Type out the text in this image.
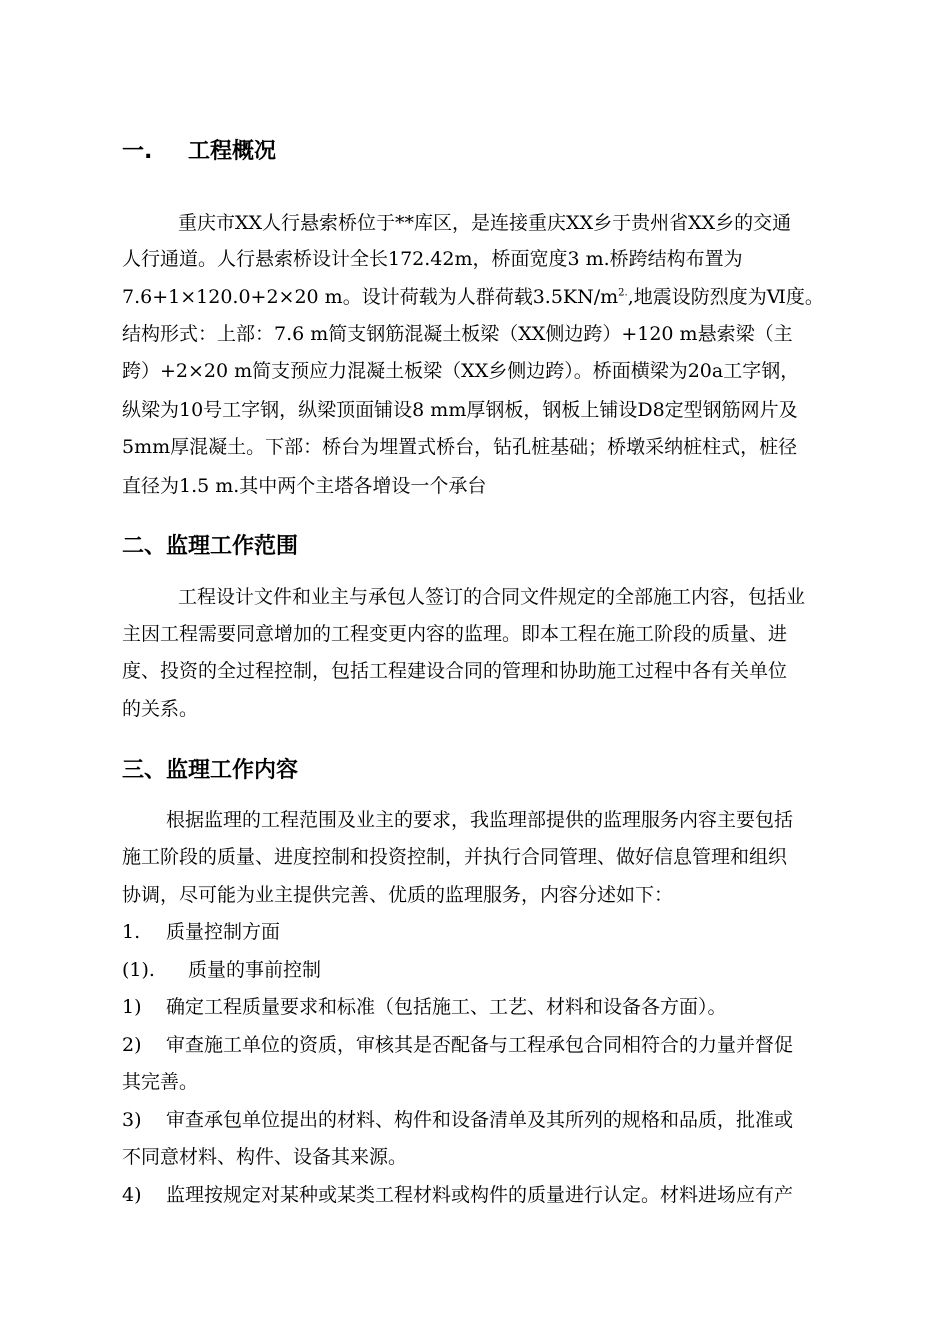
一. 工程概况
重庆市XX人行悬索桥位于**库区，是连接重庆XX乡于贵州省XX乡的交通
人行通道。人行悬索桥设计全长172.42m，桥面宽度3 m.桥跨结构布置为
7.6+1×120.0+2×20 m。设计荷载为人群荷载$3.5KN/m^{2.}$,地震设防烈度为Ⅵ度。
结构形式：上部：7.6 m简支钢筋混凝土板梁（XX侧边跨）+120 m悬索梁（主
跨）+2×20 m简支预应力混凝土板梁（XX乡侧边跨）。桥面横梁为20a工字钢，
纵梁为10号工字钢，纵梁顶面铺设8 mm厚钢板，钢板上铺设D8定型钢筋网片及
5mm厚混凝土。下部：桥台为埋置式桥台，钻孔桩基础；桥墩采纳桩柱式，桩径
直径为1.5 m.其中两个主塔各增设一个承台
二、监理工作范围
工程设计文件和业主与承包人签订的合同文件规定的全部施工内容，包括业
主因工程需要同意增加的工程变更内容的监理。即本工程在施工阶段的质量、进
度、投资的全过程控制，包括工程建设合同的管理和协助施工过程中各有关单位
的关系。
三、监理工作内容
根据监理的工程范围及业主的要求，我监理部提供的监理服务内容主要包括
施工阶段的质量、进度控制和投资控制，并执行合同管理、做好信息管理和组织
协调，尽可能为业主提供完善、优质的监理服务，内容分述如下：
1. 质量控制方面
(1). 质量的事前控制
1) 确定工程质量要求和标准（包括施工、工艺、材料和设备各方面）。
2) 审查施工单位的资质，审核其是否配备与工程承包合同相符合的力量并督促
其完善。
3) 审查承包单位提出的材料、构件和设备清单及其所列的规格和品质，批准或
不同意材料、构件、设备其来源。
4) 监理按规定对某种或某类工程材料或构件的质量进行认定。材料进场应有产
